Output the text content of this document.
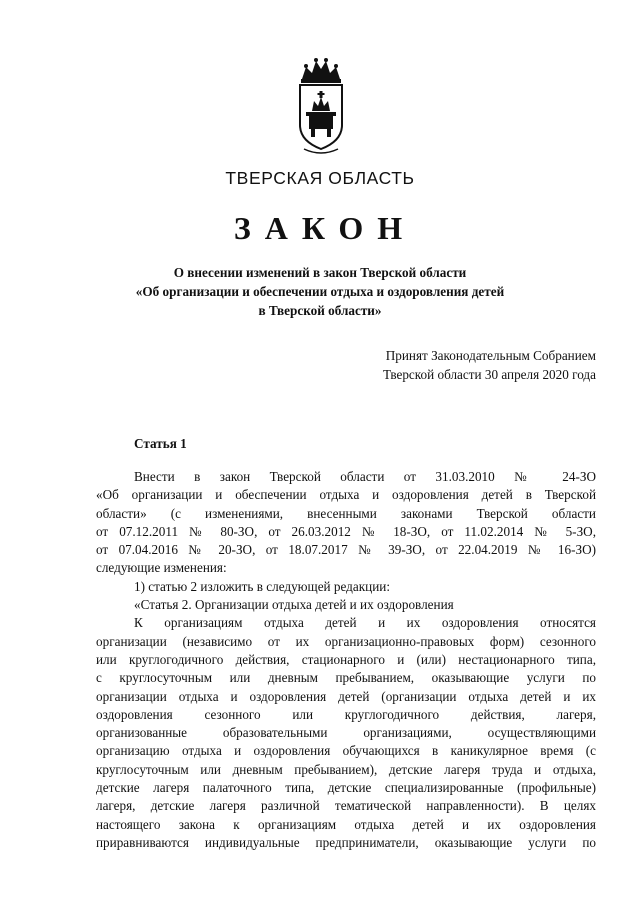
ТВЕРСКАЯ ОБЛАСТЬ
ЗАКОН
О внесении изменений в закон Тверской области
«Об организации и обеспечении отдыха и оздоровления детей
в Тверской области»
Принят Законодательным Собранием
Тверской области 30 апреля 2020 года
Статья 1
Внести в закон Тверской области от 31.03.2010 № 24-ЗО
«Об организации и обеспечении отдыха и оздоровления детей в Тверской
области» (с изменениями, внесенными законами Тверской области
от 07.12.2011 № 80-ЗО, от 26.03.2012 № 18-ЗО, от 11.02.2014 № 5-ЗО,
от 07.04.2016 № 20-ЗО, от 18.07.2017 № 39-ЗО, от 22.04.2019 № 16-ЗО)
следующие изменения:
1) статью 2 изложить в следующей редакции:
«Статья 2. Организации отдыха детей и их оздоровления
К организациям отдыха детей и их оздоровления относятся
организации (независимо от их организационно-правовых форм) сезонного
или круглогодичного действия, стационарного и (или) нестационарного типа,
с круглосуточным или дневным пребыванием, оказывающие услуги по
организации отдыха и оздоровления детей (организации отдыха детей и их
оздоровления сезонного или круглогодичного действия, лагеря,
организованные образовательными организациями, осуществляющими
организацию отдыха и оздоровления обучающихся в каникулярное время (с
круглосуточным или дневным пребыванием), детские лагеря труда и отдыха,
детские лагеря палаточного типа, детские специализированные (профильные)
лагеря, детские лагеря различной тематической направленности). В целях
настоящего закона к организациям отдыха детей и их оздоровления
приравниваются индивидуальные предприниматели, оказывающие услуги по
